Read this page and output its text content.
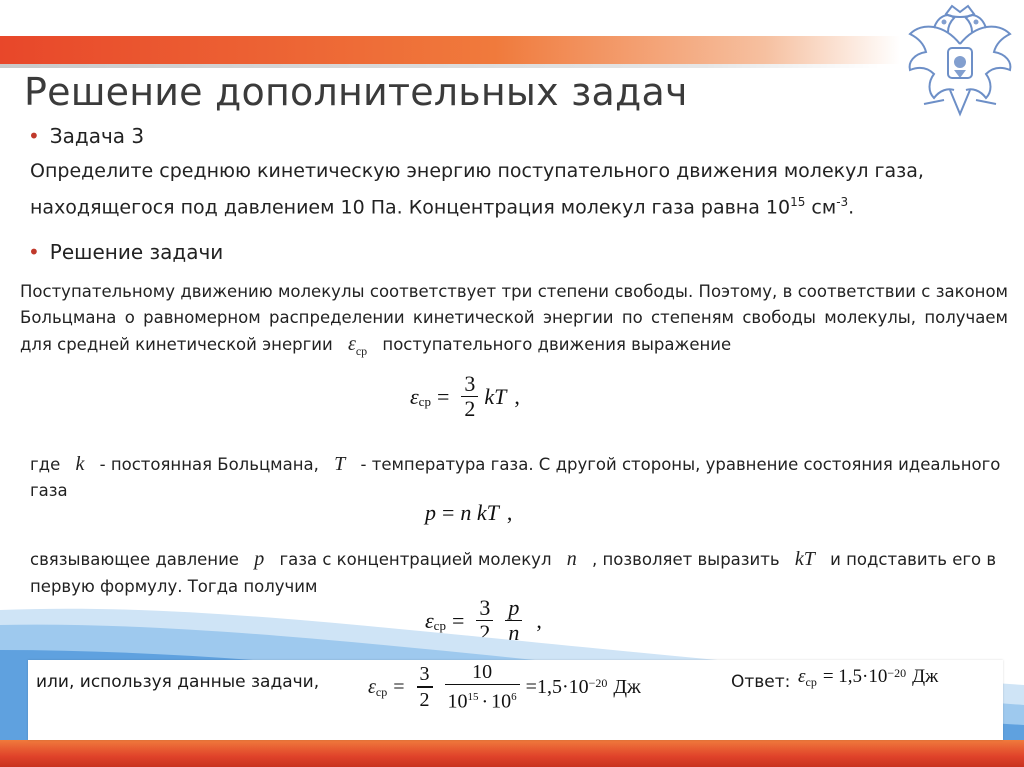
Решение дополнительных задач
• Задача 3
Определите среднюю кинетическую энергию поступательного движения молекул газа,
находящегося под давлением 10 Па. Концентрация молекул газа равна $10^{15}$ $см^{-3}$.
• Решение задачи
Поступательному движению молекулы соответствует три степени свободы. Поэтому, в соответствии с законом Больцмана о равномерном распределении кинетической энергии по степеням свободы молекулы, получаем для средней кинетической энергии $\varepsilon_{ср}$ поступательного движения выражение
ε ср = $\frac{3}{2}$ kT ,
где k - постоянная Больцмана, T - температура газа. С другой стороны, уравнение состояния идеального газа
p = n kT ,
связывающее давление p газа с концентрацией молекул n , позволяет выразить kT и подставить его в первую формулу. Тогда получим
ε ср = $\frac{3}{2} \frac{p}{n}$ ,
или, используя данные задачи, ε ср = $\frac{3}{2} \frac{10}{10^{15} \cdot 10^6} =1,5\cdot 10^{-20}$ Дж	Ответ: ε ср = $1,5\cdot 10^{-20}$ Дж
